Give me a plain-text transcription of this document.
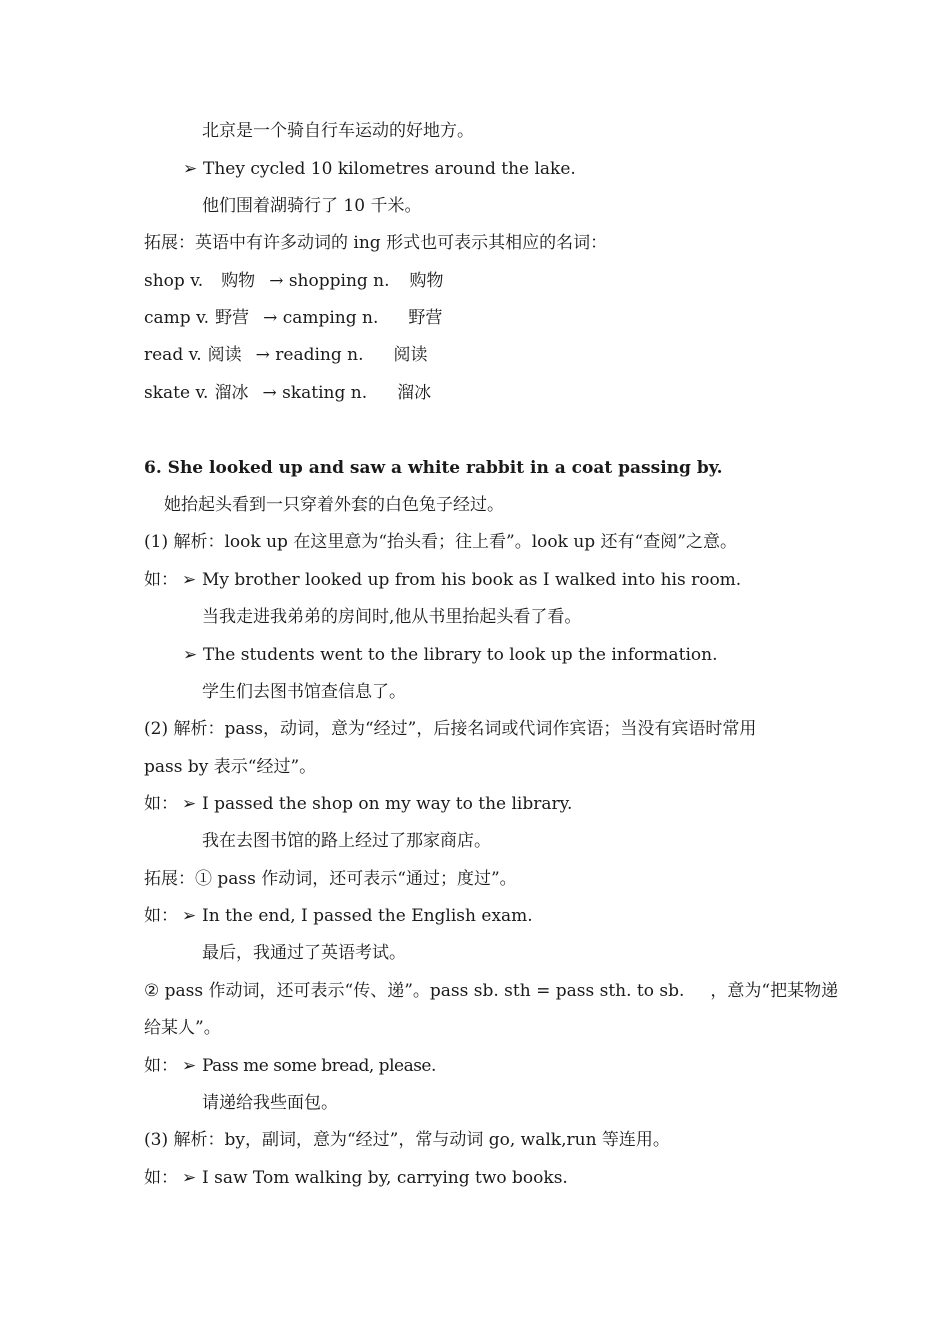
北京是一个骑自行车运动的好地方。
➢ They cycled 10 kilometres around the lake.
他们围着湖骑行了 10 千米。
拓展：英语中有许多动词的 ing 形式也可表示其相应的名词：
shop v. 购物 → shopping n. 购物
camp v. 野营 → camping n. 野营
read v. 阅读 → reading n. 阅读
skate v. 溜冰 → skating n. 溜冰
6. She looked up and saw a white rabbit in a coat passing by.
她抬起头看到一只穿着外套的白色兔子经过。
(1) 解析：look up 在这里意为“抬头看；往上看”。look up 还有“查阅”之意。
如： ➢ My brother looked up from his book as I walked into his room.
当我走进我弟弟的房间时,他从书里抬起头看了看。
➢ The students went to the library to look up the information.
学生们去图书馆查信息了。
(2) 解析：pass，动词，意为“经过”，后接名词或代词作宾语；当没有宾语时常用
pass by 表示“经过”。
如： ➢ I passed the shop on my way to the library.
我在去图书馆的路上经过了那家商店。
拓展：① pass 作动词，还可表示“通过；度过”。
如： ➢ In the end, I passed the English exam.
最后，我通过了英语考试。
② pass 作动词，还可表示“传、递”。pass sb. sth = pass sth. to sb. ，意为“把某物递
给某人”。
如： ➢ Pass me some bread, please.
请递给我些面包。
(3) 解析：by，副词，意为“经过”，常与动词 go, walk,run 等连用。
如： ➢ I saw Tom walking by, carrying two books.
